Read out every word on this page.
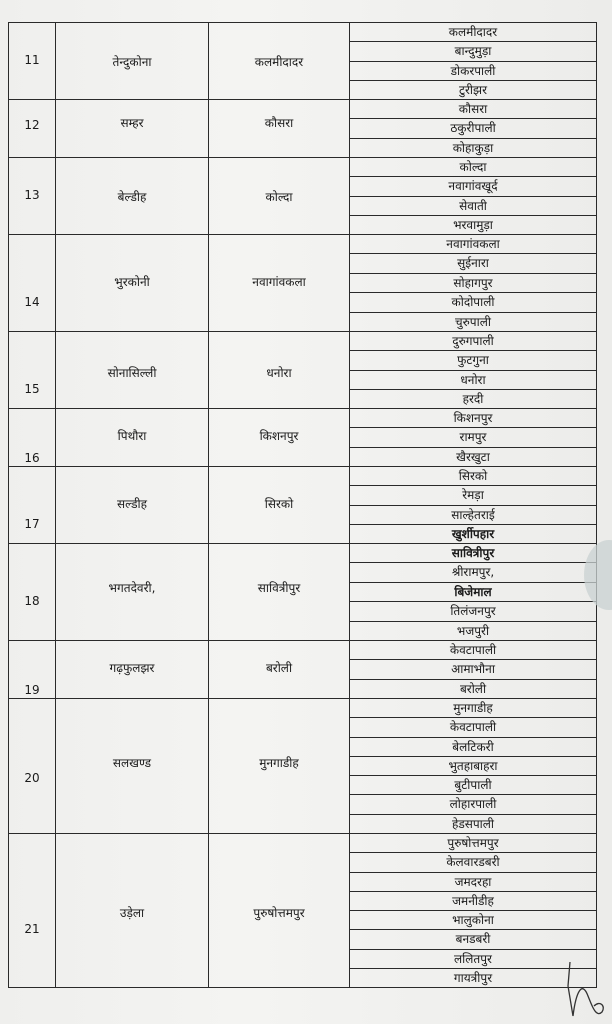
11	तेन्दुकोना	कलमीदादर	कलमीदादर
			बान्दुमुड़ा
			डोकरपाली
			टुरीझर

12	सम्हर	कौसरा	कौसरा
			ठकुरीपाली
			कोहाकुड़ा

13	बेल्डीह	कोल्दा	कोल्दा
			नवागांवखूर्द
			सेवाती
			भरवामुड़ा

14	भुरकोनी	नवागांवकला	नवागांवकला
			सुईनारा
			सोहागपुर
			कोदोपाली
			चुरुपाली

15	सोनासिल्ली	धनोरा	दुरुगपाली
			फुटगुना
			धनोरा
			हरदी

16	पिथौरा	किशनपुर	किशनपुर
			रामपुर
			खैरखुटा

17	सल्डीह	सिरको	सिरको
			रेमड़ा
			साल्हेतराई
			खुर्शीपहार

18	भगतदेवरी,	सावित्रीपुर	सावित्रीपुर
			श्रीरामपुर,
			बिजेमाल
			तिलंजनपुर
			भजपुरी

19	गढ़फुलझर	बरोली	केवटापाली
			आमाभौना
			बरोली

20	सलखण्ड	मुनगाडीह	मुनगाडीह
			केवटापाली
			बेलटिकरी
			भुतहाबाहरा
			बुटीपाली
			लोहारपाली
			हेडसपाली

21	उड़ेला	पुरुषोत्तमपुर	पुरुषोत्तमपुर
			केलवारडबरी
			जमदरहा
			जमनीडीह
			भालुकोना
			बनडबरी
			ललितपुर
			गायत्रीपुर
